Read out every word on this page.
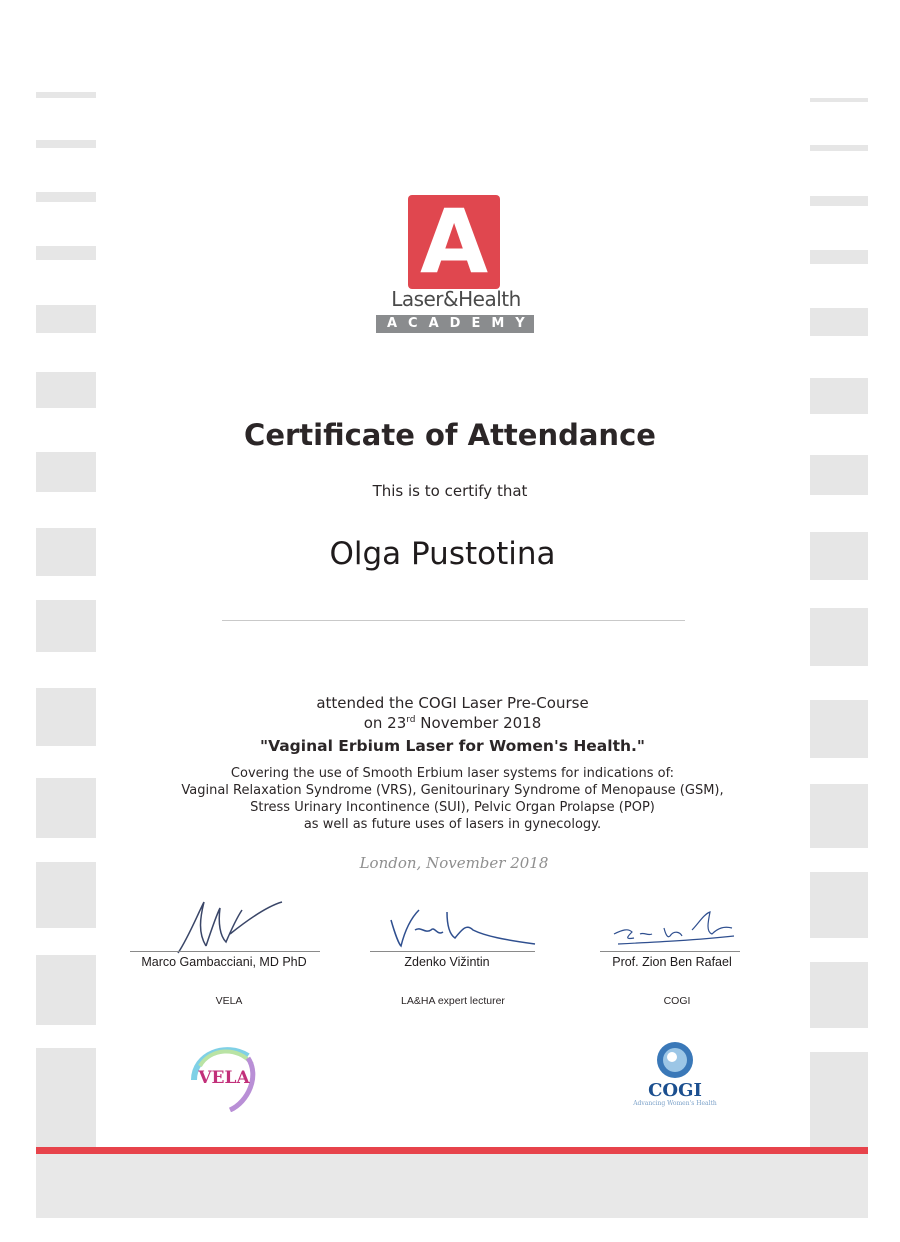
A
Laser&Health
ACADEMY
Certificate of Attendance
This is to certify that
Olga Pustotina
attended the COGI Laser Pre-Course
on 23rd November 2018
"Vaginal Erbium Laser for Women's Health."
Covering the use of Smooth Erbium laser systems for indications of:
Vaginal Relaxation Syndrome (VRS), Genitourinary Syndrome of Menopause (GSM),
Stress Urinary Incontinence (SUI), Pelvic Organ Prolapse (POP)
as well as future uses of lasers in gynecology.
London, November 2018
Marco Gambacciani, MD PhD	Zdenko Vižintin	Prof. Zion Ben Rafael
VELA	LA&HA expert lecturer	COGI
VELA
COGI
Advancing Women's Health
